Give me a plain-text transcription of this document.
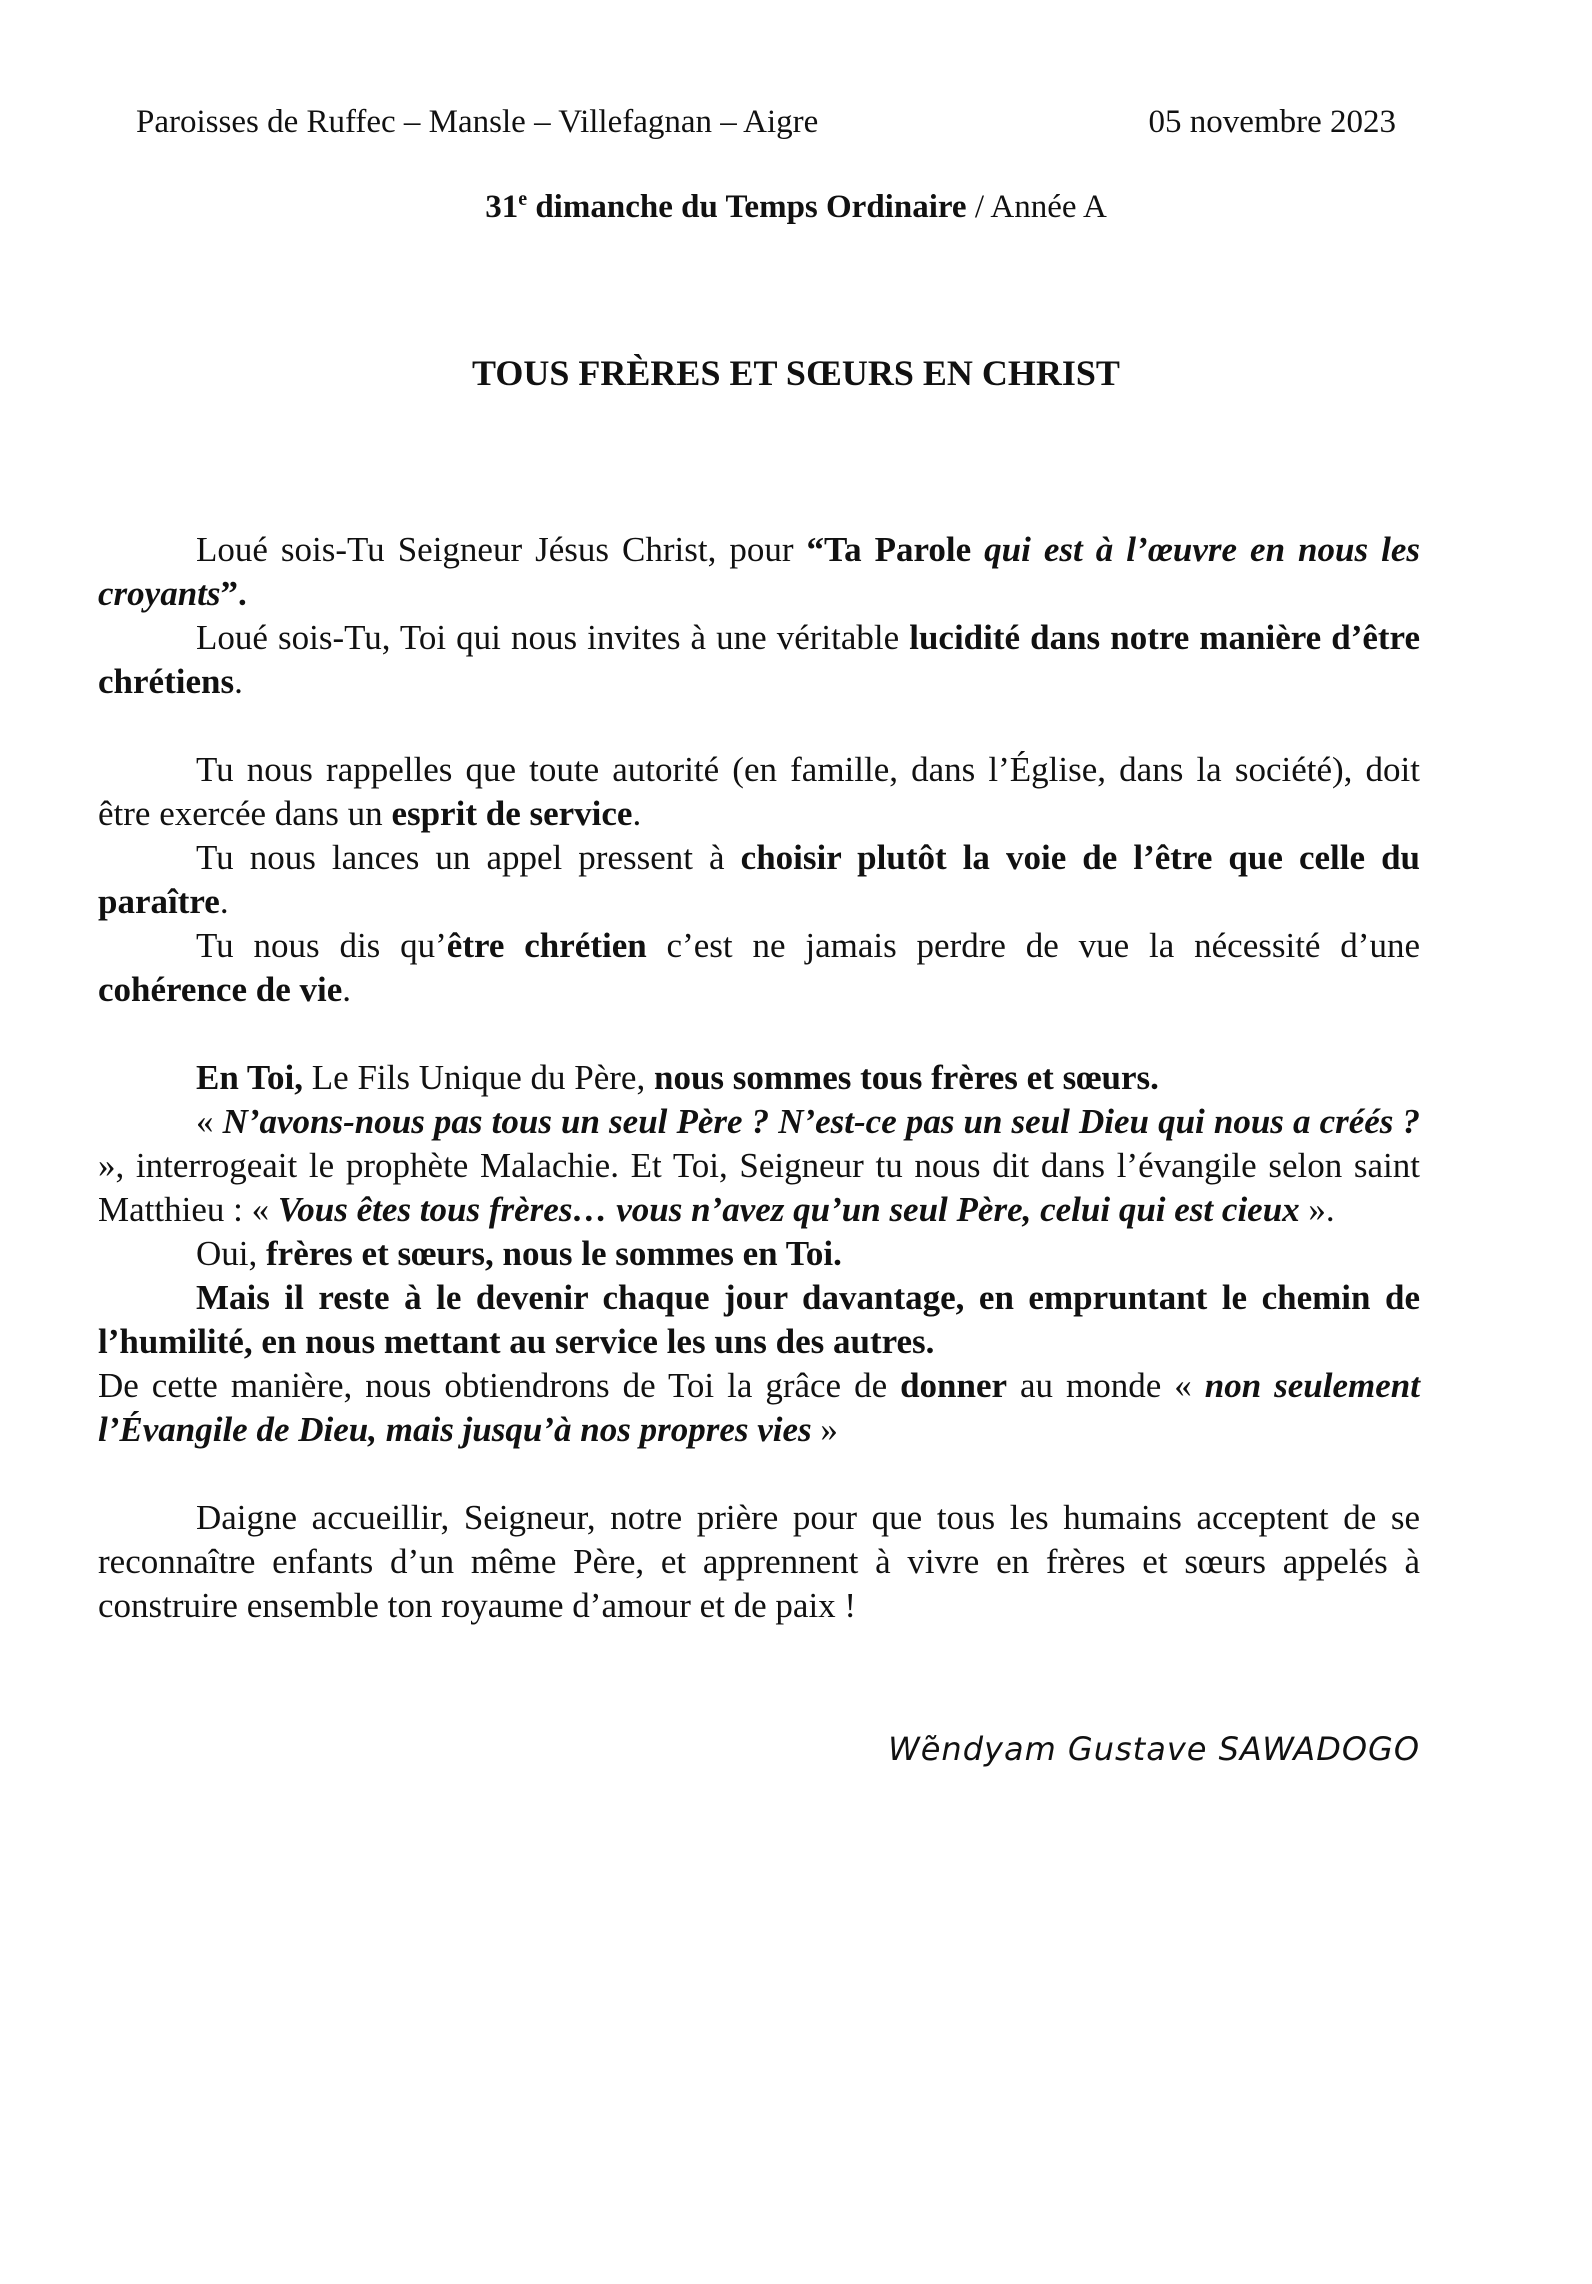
Paroisses de Ruffec – Mansle – Villefagnan – Aigre	05 novembre 2023
31e dimanche du Temps Ordinaire / Année A
TOUS FRÈRES ET SŒURS EN CHRIST

Loué sois-Tu Seigneur Jésus Christ, pour “Ta Parole qui est à l’œuvre en nous les croyants”.

Loué sois-Tu, Toi qui nous invites à une véritable lucidité dans notre manière d’être chrétiens.

Tu nous rappelles que toute autorité (en famille, dans l’Église, dans la société), doit être exercée dans un esprit de service.

Tu nous lances un appel pressent à choisir plutôt la voie de l’être que celle du paraître.

Tu nous dis qu’être chrétien c’est ne jamais perdre de vue la nécessité d’une cohérence de vie.

En Toi, Le Fils Unique du Père, nous sommes tous frères et sœurs.

« N’avons-nous pas tous un seul Père ? N’est-ce pas un seul Dieu qui nous a créés ? », interrogeait le prophète Malachie. Et Toi, Seigneur tu nous dit dans l’évangile selon saint Matthieu : « Vous êtes tous frères… vous n’avez qu’un seul Père, celui qui est cieux ».

Oui, frères et sœurs, nous le sommes en Toi.

Mais il reste à le devenir chaque jour davantage, en empruntant le chemin de l’humilité, en nous mettant au service les uns des autres.

De cette manière, nous obtiendrons de Toi la grâce de donner au monde « non seulement l’Évangile de Dieu, mais jusqu’à nos propres vies »

Daigne accueillir, Seigneur, notre prière pour que tous les humains acceptent de se reconnaître enfants d’un même Père, et apprennent à vivre en frères et sœurs appelés à construire ensemble ton royaume d’amour et de paix !

Wẽndyam Gustave SAWADOGO
